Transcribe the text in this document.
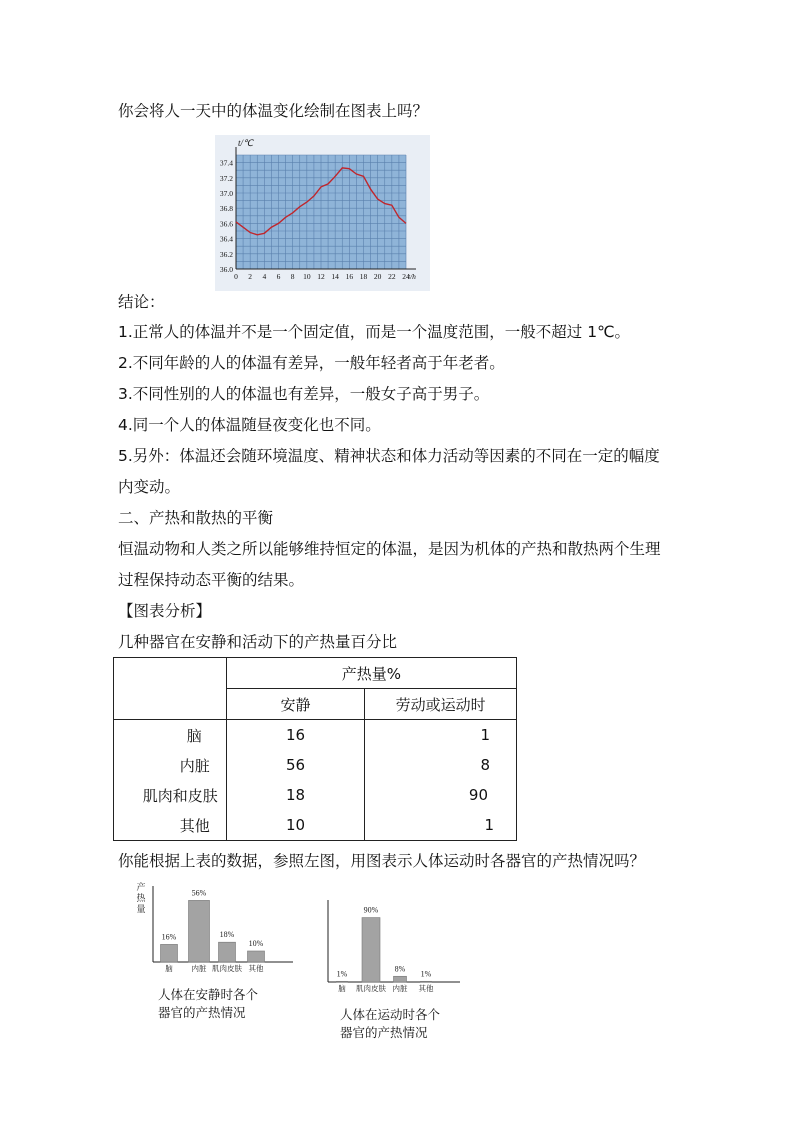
你会将人一天中的体温变化绘制在图表上吗？
0 2 4 6 8 10 12 14 16 18 20 22 24
36.0
36.2
36.4
36.6
36.8
37.0
37.2
37.4
t/℃
t/h
结论：
1.正常人的体温并不是一个固定值，而是一个温度范围，一般不超过 1℃。
2.不同年龄的人的体温有差异，一般年轻者高于年老者。
3.不同性别的人的体温也有差异，一般女子高于男子。
4.同一个人的体温随昼夜变化也不同。
5.另外：体温还会随环境温度、精神状态和体力活动等因素的不同在一定的幅度
内变动。
二、产热和散热的平衡
恒温动物和人类之所以能够维持恒定的体温，是因为机体的产热和散热两个生理
过程保持动态平衡的结果。
【图表分析】
几种器官在安静和活动下的产热量百分比
	产热量%	
	安静	劳动或运动时
脑	16	1
内脏	56	8
肌肉和皮肤	18	90
其他	10	1
你能根据上表的数据，参照左图，用图表示人体运动时各器官的产热情况吗？
产
热
量
16%
脑
56%
内脏
18%
肌肉皮肤
10%
其他
人体在安静时各个
器官的产热情况
1%
脑
90%
肌肉皮肤
8%
内脏
1%
其他
人体在运动时各个
器官的产热情况
